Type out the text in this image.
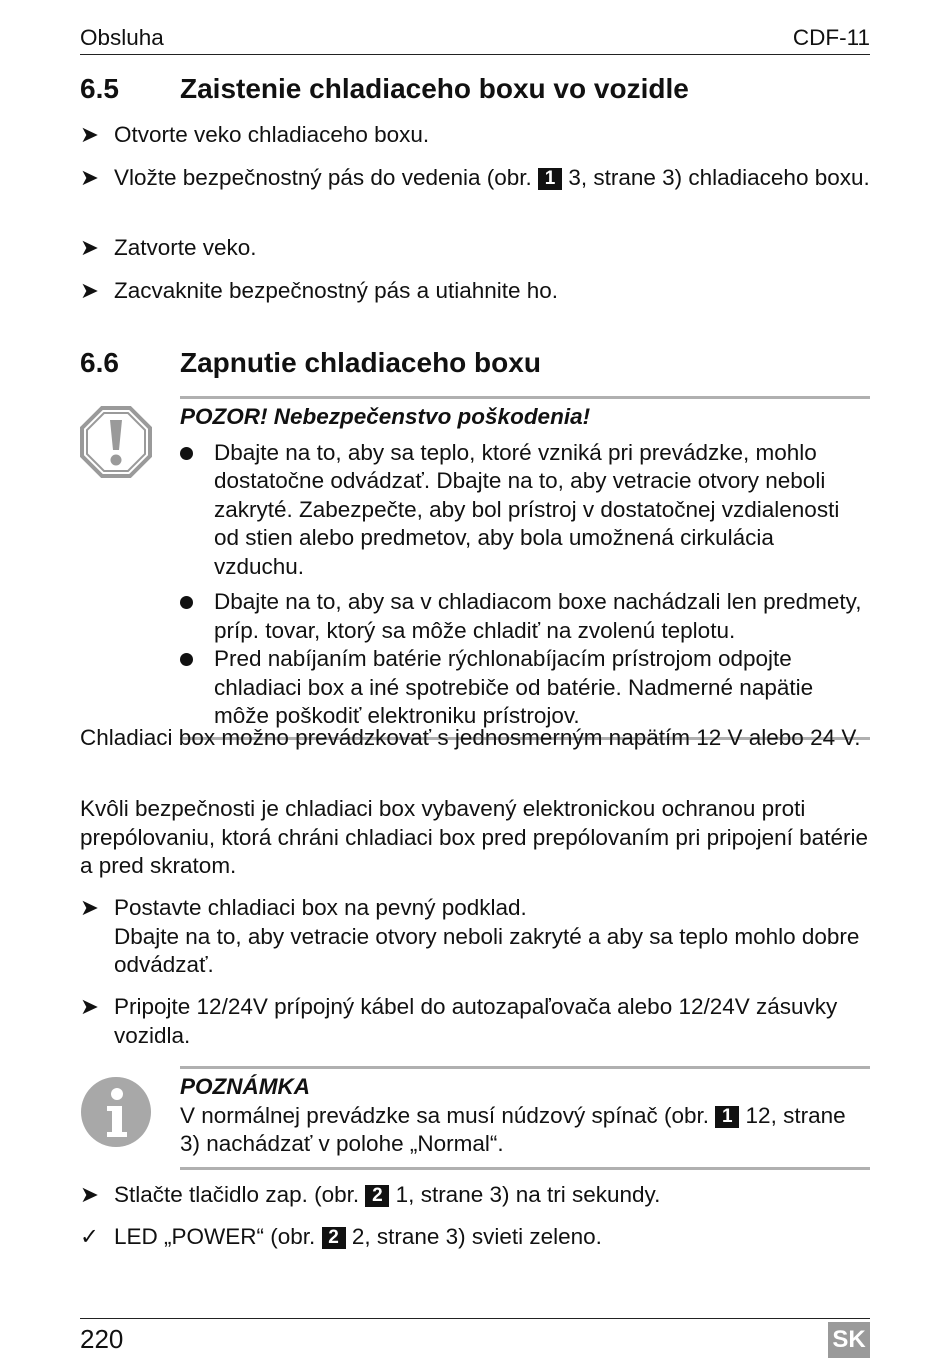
Obsluha	CDF-11
6.5 Zaistenie chladiaceho boxu vo vozidle
➤ Otvorte veko chladiaceho boxu.
➤ Vložte bezpečnostný pás do vedenia (obr. 1 3, strane 3) chladiaceho boxu.
➤ Zatvorte veko.
➤ Zacvaknite bezpečnostný pás a utiahnite ho.
6.6 Zapnutie chladiaceho boxu
POZOR! Nebezpečenstvo poškodenia!
Dbajte na to, aby sa teplo, ktoré vzniká pri prevádzke, mohlo dostatočne odvádzať. Dbajte na to, aby vetracie otvory neboli zakryté. Zabezpečte, aby bol prístroj v dostatočnej vzdialenosti od stien alebo predmetov, aby bola umožnená cirkulácia vzduchu.
Dbajte na to, aby sa v chladiacom boxe nachádzali len predmety, príp. tovar, ktorý sa môže chladiť na zvolenú teplotu.
Pred nabíjaním batérie rýchlonabíjacím prístrojom odpojte chladiaci box a iné spotrebiče od batérie. Nadmerné napätie môže poškodiť elektroniku prístrojov.
Chladiaci box možno prevádzkovať s jednosmerným napätím 12 V alebo 24 V.
Kvôli bezpečnosti je chladiaci box vybavený elektronickou ochranou proti prepólovaniu, ktorá chráni chladiaci box pred prepólovaním pri pripojení batérie a pred skratom.
➤ Postavte chladiaci box na pevný podklad.
Dbajte na to, aby vetracie otvory neboli zakryté a aby sa teplo mohlo dobre odvádzať.
➤ Pripojte 12/24V prípojný kábel do autozapaľovača alebo 12/24V zásuvky vozidla.
POZNÁMKA
V normálnej prevádzke sa musí núdzový spínač (obr. 1 12, strane 3) nachádzať v polohe „Normal“.
➤ Stlačte tlačidlo zap. (obr. 2 1, strane 3) na tri sekundy.
✓ LED „POWER“ (obr. 2 2, strane 3) svieti zeleno.
220	SK
